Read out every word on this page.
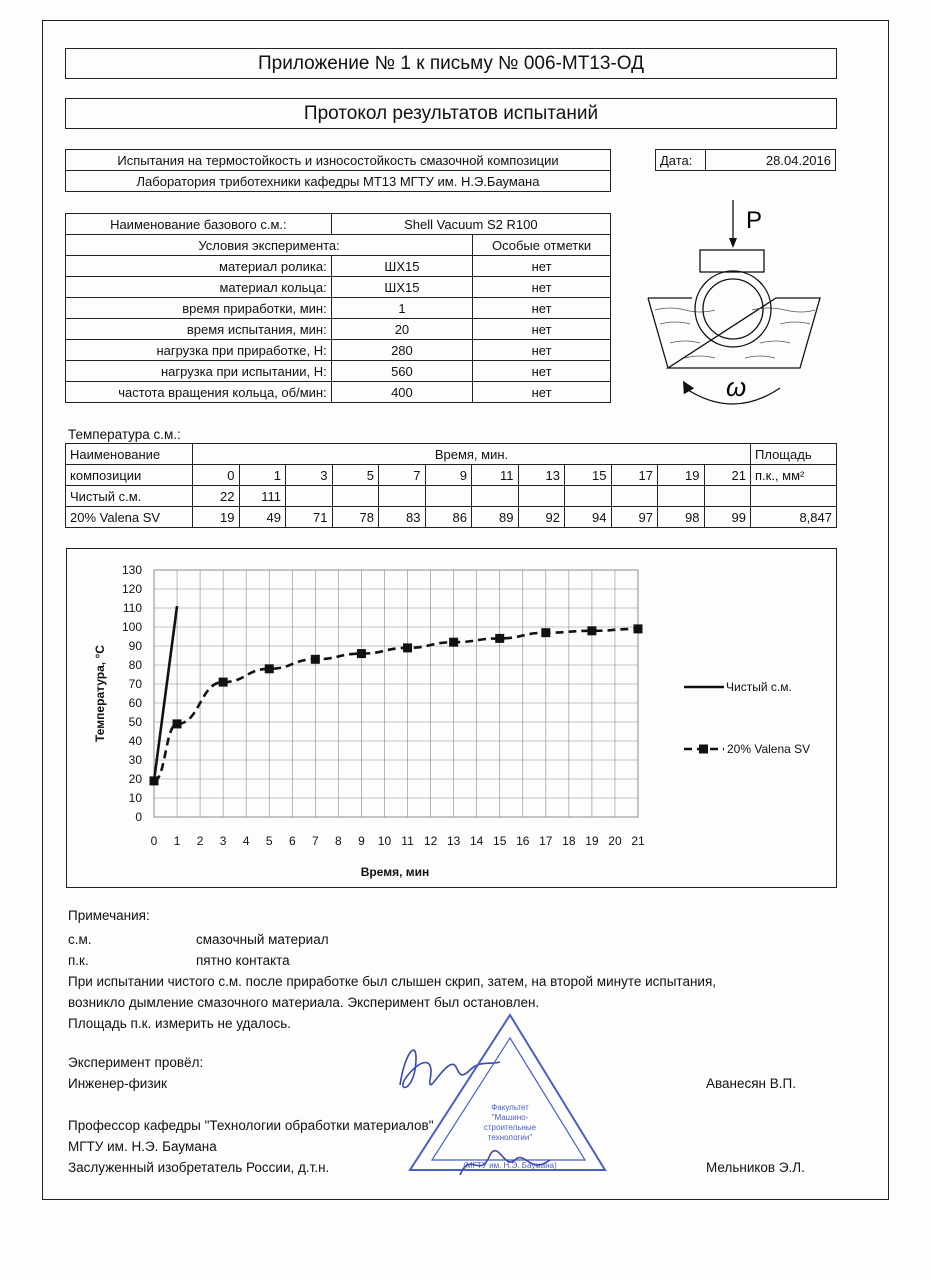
Приложение № 1 к письму № 006-МТ13-ОД
Протокол результатов испытаний
Испытания на термостойкость и износостойкость смазочной композиции
Лаборатория триботехники кафедры МТ13 МГТУ им. Н.Э.Баумана
Дата:	28.04.2016
Наименование базового с.м.:	Shell Vacuum S2 R100	
Условия эксперимента:		Особые отметки
материал ролика:	ШХ15	нет
материал кольца:	ШХ15	нет
время приработки, мин:	1	нет
время испытания, мин:	20	нет
нагрузка при приработке, Н:	280	нет
нагрузка при испытании, Н:	560	нет
частота вращения кольца, об/мин:	400	нет
P
ω
Температура с.м.:
Наименование	Время, мин.												Площадь
композиции	0	1	3	5	7	9	11	13	15	17	19	21	п.к., мм²
Чистый с.м.	22	111											
20% Valena SV	19	49	71	78	83	86	89	92	94	97	98	99	8,847
0
10
20
30
40
50
60
70
80
90
100
110
120
130
0 1 2 3 4 5 6 7 8 9 10 11 12 13 14 15 16 17 18 19 20 21
Время, мин
Температура, °С	Чистый с.м.
20% Valena SV
Примечания:
с.м.	смазочный материал
п.к.	пятно контакта
При испытании чистого с.м. после приработке был слышен скрип, затем, на второй минуте испытания,
возникло дымление смазочного материала. Эксперимент был остановлен.
Площадь п.к. измерить не удалось.
Эксперимент провёл:
Инженер-физик	Аванесян В.П.
Профессор кафедры "Технологии обработки материалов"
МГТУ им. Н.Э. Баумана
Заслуженный изобретатель России, д.т.н.	Мельников Э.Л.
Факультет
"Машино-
строительные
технологии"
(МГТУ им. Н.Э. Баумана)
